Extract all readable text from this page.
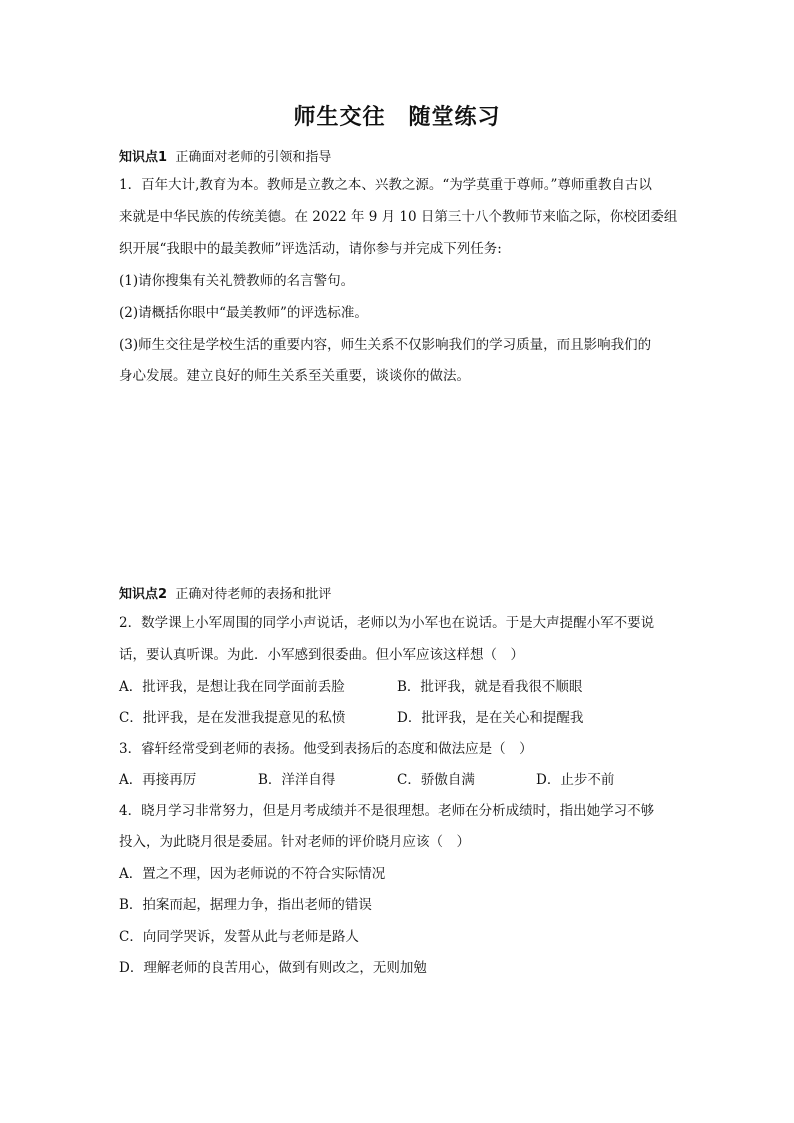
师生交往　随堂练习
知识点1 正确面对老师的引领和指导
1．百年大计,教育为本。教师是立教之本、兴教之源。“为学莫重于尊师。”尊师重教自古以
来就是中华民族的传统美德。在 2022 年 9 月 10 日第三十八个教师节来临之际，你校团委组
织开展“我眼中的最美教师”评选活动，请你参与并完成下列任务:
(1)请你搜集有关礼赞教师的名言警句。
(2)请概括你眼中“最美教师”的评选标准。
(3)师生交往是学校生活的重要内容，师生关系不仅影响我们的学习质量，而且影响我们的
身心发展。建立良好的师生关系至关重要，谈谈你的做法。
知识点2 正确对待老师的表扬和批评
2．数学课上小军周围的同学小声说话，老师以为小军也在说话。于是大声提醒小军不要说
话，要认真听课。为此．小军感到很委曲。但小军应该这样想（　）
A．批评我，是想让我在同学面前丢脸	B．批评我，就是看我很不顺眼
C．批评我，是在发泄我提意见的私愤	D．批评我，是在关心和提醒我
3．睿轩经常受到老师的表扬。他受到表扬后的态度和做法应是（　）
A．再接再厉	B．洋洋自得	C．骄傲自满	D．止步不前
4．晓月学习非常努力，但是月考成绩并不是很理想。老师在分析成绩时，指出她学习不够
投入，为此晓月很是委屈。针对老师的评价晓月应该（　）
A．置之不理，因为老师说的不符合实际情况
B．拍案而起，据理力争，指出老师的错误
C．向同学哭诉，发誓从此与老师是路人
D．理解老师的良苦用心，做到有则改之，无则加勉
